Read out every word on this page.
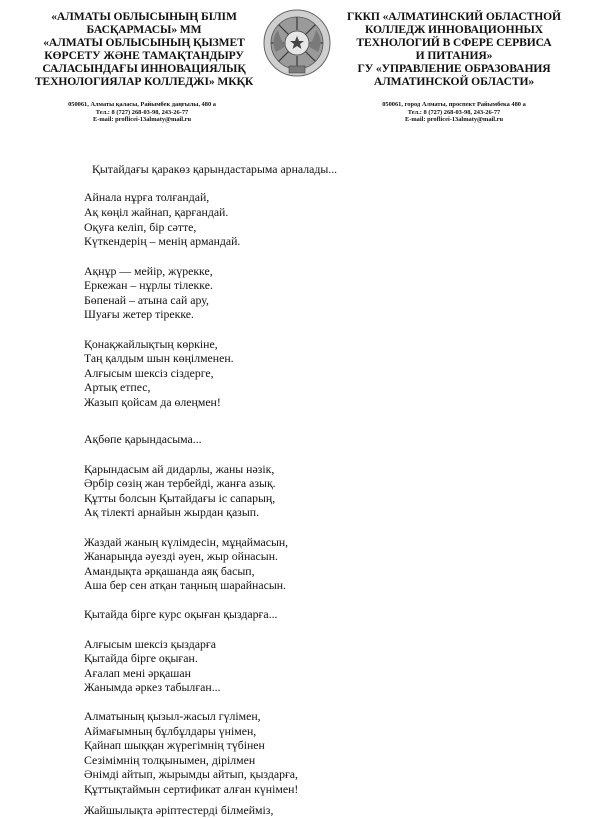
«АЛМАТЫ ОБЛЫСЫНЫҢ БІЛІМ
БАСҚАРМАСЫ» ММ
«АЛМАТЫ ОБЛЫСЫНЫҢ ҚЫЗМЕТ
КӨРСЕТУ ЖӘНЕ ТАМАҚТАНДЫРУ
САЛАСЫНДАҒЫ ИННОВАЦИЯЛЫҚ
ТЕХНОЛОГИЯЛАР КОЛЛЕДЖІ» МКҚК
ГККП «АЛМАТИНСКИЙ ОБЛАСТНОЙ
КОЛЛЕДЖ ИННОВАЦИОННЫХ
ТЕХНОЛОГИЙ В СФЕРЕ СЕРВИСА
И ПИТАНИЯ»
ГУ «УПРАВЛЕНИЕ ОБРАЗОВАНИЯ
АЛМАТИНСКОЙ ОБЛАСТИ»
050061, Алматы қаласы, Райымбек даңғылы, 480 а
Тел.: 8 (727) 268-03-98, 243-26-77
E-mail: proflicei-13almaty@mail.ru
050061, город Алматы, проспект Райымбека 480 а
Тел.: 8 (727) 268-03-98, 243-26-77
E-mail: proflicei-13almaty@mail.ru
Қытайдағы қаракөз қарындастарыма арналады...
Айнала нұрға толғандай,
Ақ көңіл жайнап, қарғандай.
Оқуға келіп, бір сәтте,
Күткендерің – менің армандай.
Ақнұр — мейір, жүрекке,
Еркежан – нұрлы тілекке.
Бөпенай – атына сай ару,
Шуағы жетер тірекке.
Қонақжайлықтың көркіне,
Таң қалдым шын көңілменен.
Алғысым шексіз сіздерге,
Артық етпес,
Жазып қойсам да өлеңмен!
Ақбөпе қарындасыма...
Қарындасым ай дидарлы, жаны нәзік,
Әрбір сөзің жан тербейді, жанға азық.
Құтты болсын Қытайдағы іс сапарың,
Ақ тілекті арнайын жырдан қазып.
Жаздай жаның күлімдесін, мұңаймасын,
Жанарыңда әуезді әуен, жыр ойнасын.
Амандықта әрқашанда аяқ басып,
Аша бер сен атқан таңның шарайнасын.
Қытайда бірге курс оқыған қыздарға...
Алғысым шексіз қыздарға
Қытайда бірге оқыған.
Ағалап мені әрқашан
Жанымда әркез табылған...
Алматының қызыл-жасыл гүлімен,
Аймағымның бұлбұлдары үнімен,
Қайнап шыққан жүрегімнің түбінен
Сезімімнің толқынымен, дірілмен
Әнімді айтып, жырымды айтып, қыздарға,
Құттықтаймын сертификат алған күнімен!
Жайшылықта әріптестерді білмейміз,
